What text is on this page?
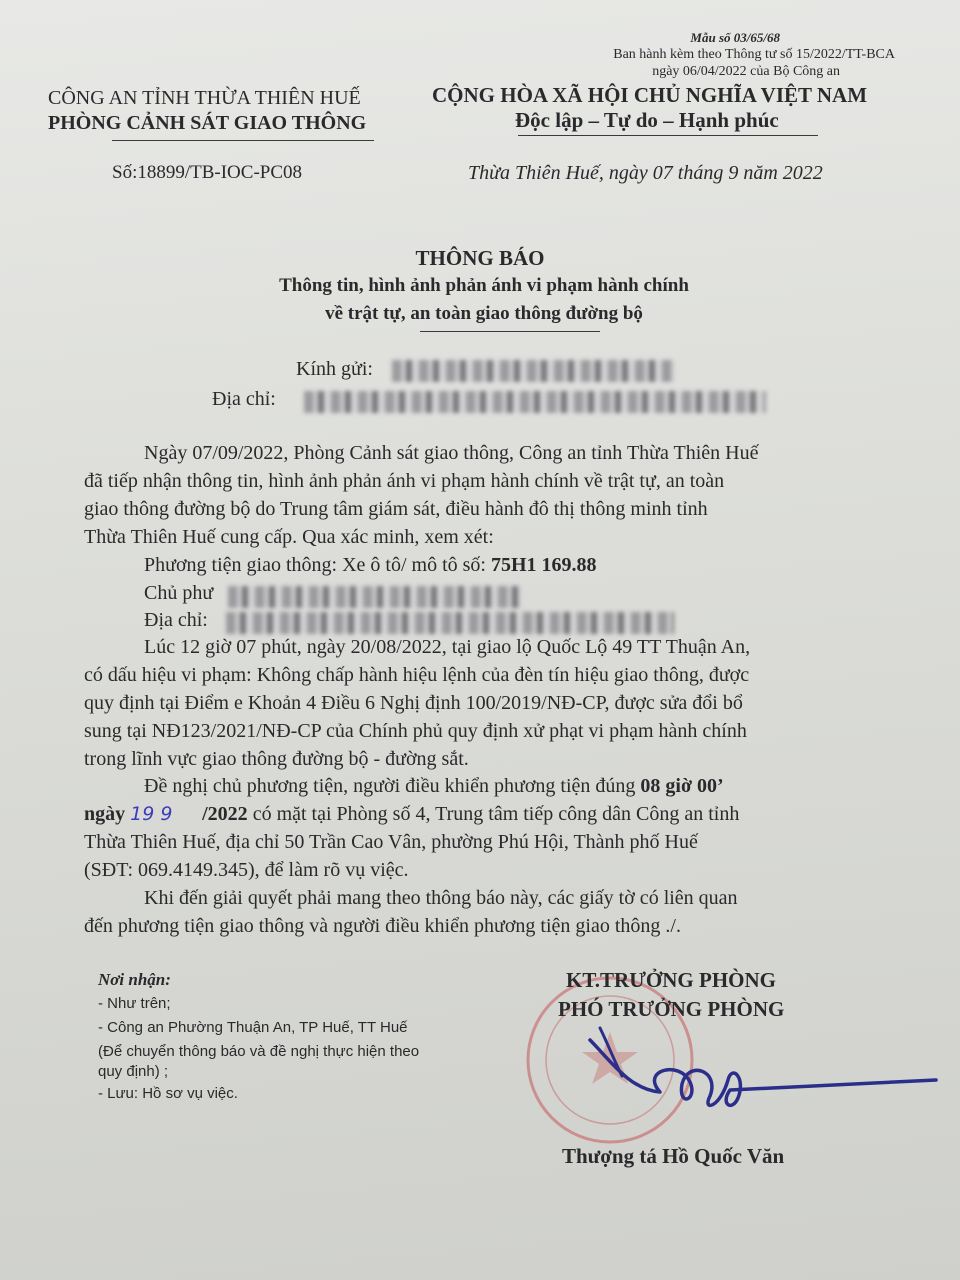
Mẫu số 03/65/68
Ban hành kèm theo Thông tư số 15/2022/TT-BCA
ngày 06/04/2022 của Bộ Công an
CÔNG AN TỈNH THỪA THIÊN HUẾ
PHÒNG CẢNH SÁT GIAO THÔNG
CỘNG HÒA XÃ HỘI CHỦ NGHĨA VIỆT NAM
Độc lập – Tự do – Hạnh phúc
Số:18899/TB-IOC-PC08	Thừa Thiên Huế, ngày 07 tháng 9 năm 2022
THÔNG BÁO
Thông tin, hình ảnh phản ánh vi phạm hành chính
về trật tự, an toàn giao thông đường bộ
Kính gửi:
Địa chỉ:
Ngày 07/09/2022, Phòng Cảnh sát giao thông, Công an tỉnh Thừa Thiên Huế
đã tiếp nhận thông tin, hình ảnh phản ánh vi phạm hành chính về trật tự, an toàn
giao thông đường bộ do Trung tâm giám sát, điều hành đô thị thông minh tỉnh
Thừa Thiên Huế cung cấp. Qua xác minh, xem xét:
Phương tiện giao thông: Xe ô tô/ mô tô số: 75H1 169.88
Chủ phư
Địa chỉ:
Lúc 12 giờ 07 phút, ngày 20/08/2022, tại giao lộ Quốc Lộ 49 TT Thuận An,
có dấu hiệu vi phạm: Không chấp hành hiệu lệnh của đèn tín hiệu giao thông, được
quy định tại Điểm e Khoản 4 Điều 6 Nghị định 100/2019/NĐ-CP, được sửa đổi bổ
sung tại NĐ123/2021/NĐ-CP của Chính phủ quy định xử phạt vi phạm hành chính
trong lĩnh vực giao thông đường bộ - đường sắt.
Đề nghị chủ phương tiện, người điều khiển phương tiện đúng 08 giờ 00’
ngày 19 9 /2022 có mặt tại Phòng số 4, Trung tâm tiếp công dân Công an tỉnh
Thừa Thiên Huế, địa chỉ 50 Trần Cao Vân, phường Phú Hội, Thành phố Huế
(SĐT: 069.4149.345), để làm rõ vụ việc.
Khi đến giải quyết phải mang theo thông báo này, các giấy tờ có liên quan
đến phương tiện giao thông và người điều khiển phương tiện giao thông ./.
Nơi nhận:
- Như trên;
- Công an Phường Thuận An, TP Huế, TT Huế
(Để chuyển thông báo và đề nghị thực hiện theo
quy định) ;
- Lưu: Hồ sơ vụ việc.
KT.TRƯỞNG PHÒNG
PHÓ TRƯỞNG PHÒNG
Thượng tá Hồ Quốc Văn
